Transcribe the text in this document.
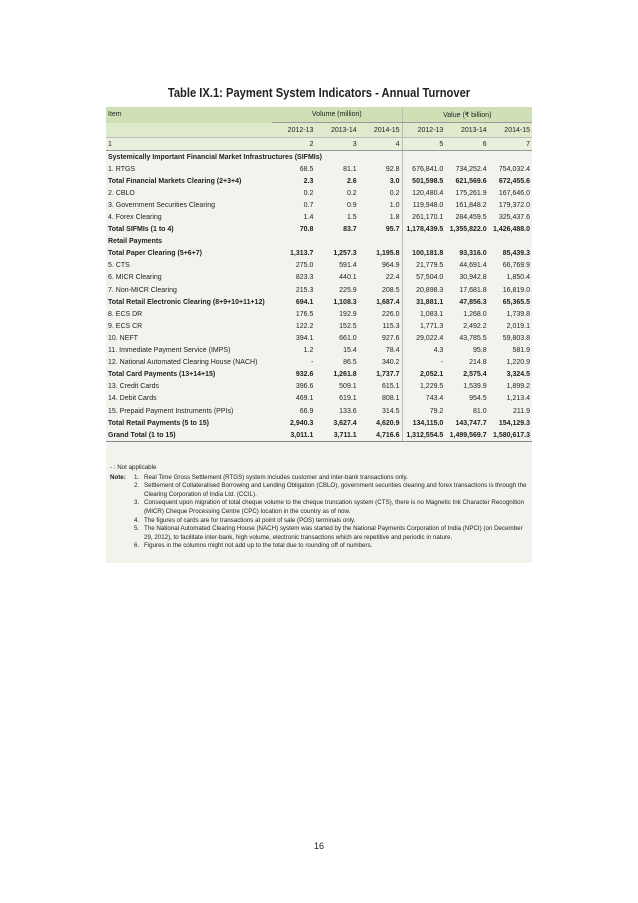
Table IX.1: Payment System Indicators - Annual Turnover
Item	Volume (million)			Value (₹ billion)		
	2012-13	2013-14	2014-15	2012-13	2013-14	2014-15
1	2	3	4	5	6	7
Systemically Important Financial Market Infrastructures (SIFMIs)						
1. RTGS	68.5	81.1	92.8	676,841.0	734,252.4	754,032.4
Total Financial Markets Clearing (2+3+4)	2.3	2.6	3.0	501,598.5	621,569.6	672,455.6
2. CBLO	0.2	0.2	0.2	120,480.4	175,261.9	167,646.0
3. Government Securities Clearing	0.7	0.9	1.0	119,948.0	161,848.2	179,372.0
4. Forex Clearing	1.4	1.5	1.8	261,170.1	284,459.5	325,437.6
Total SIFMIs (1 to 4)	70.8	83.7	95.7	1,178,439.5	1,355,822.0	1,426,488.0
Retail Payments						
Total Paper Clearing (5+6+7)	1,313.7	1,257.3	1,195.8	100,181.8	93,316.0	85,439.3
5. CTS	275.0	591.4	964.9	21,779.5	44,691.4	66,769.9
6. MICR Clearing	823.3	440.1	22.4	57,504.0	30,942.8	1,850.4
7. Non-MICR Clearing	215.3	225.9	208.5	20,898.3	17,681.8	16,819.0
Total Retail Electronic Clearing (8+9+10+11+12)	694.1	1,108.3	1,687.4	31,881.1	47,856.3	65,365.5
8. ECS DR	176.5	192.9	226.0	1,083.1	1,268.0	1,739.8
9. ECS CR	122.2	152.5	115.3	1,771.3	2,492.2	2,019.1
10. NEFT	394.1	661.0	927.6	29,022.4	43,785.5	59,803.8
11. Immediate Payment Service (IMPS)	1.2	15.4	78.4	4.3	95.8	581.9
12. National Automated Clearing House (NACH)	-	86.5	340.2	-	214.8	1,220.9
Total Card Payments (13+14+15)	932.6	1,261.8	1,737.7	2,052.1	2,575.4	3,324.5
13. Credit Cards	396.6	509.1	615.1	1,229.5	1,539.9	1,899.2
14. Debit Cards	469.1	619.1	808.1	743.4	954.5	1,213.4
15. Prepaid Payment Instruments (PPIs)	66.9	133.6	314.5	79.2	81.0	211.9
Total Retail Payments (5 to 15)	2,940.3	3,627.4	4,620.9	134,115.0	143,747.7	154,129.3
Grand Total (1 to 15)	3,011.1	3,711.1	4,716.6	1,312,554.5	1,499,569.7	1,580,617.3
- : Not applicable
Note:	1. Real Time Gross Settlement (RTGS) system includes customer and inter-bank transactions only.
2. Settlement of Collateralised Borrowing and Lending Obligation (CBLO), government securities clearing and forex transactions is through the Clearing Corporation of India Ltd. (CCIL).
3. Consequent upon migration of total cheque volume to the cheque truncation system (CTS), there is no Magnetic Ink Character Recognition (MICR) Cheque Processing Centre (CPC) location in the country as of now.
4. The figures of cards are for transactions at point of sale (POS) terminals only.
5. The National Automated Clearing House (NACH) system was started by the National Payments Corporation of India (NPCI) (on December 29, 2012), to facilitate inter-bank, high volume, electronic transactions which are repetitive and periodic in nature.
6. Figures in the columns might not add up to the total due to rounding off of numbers.
16
